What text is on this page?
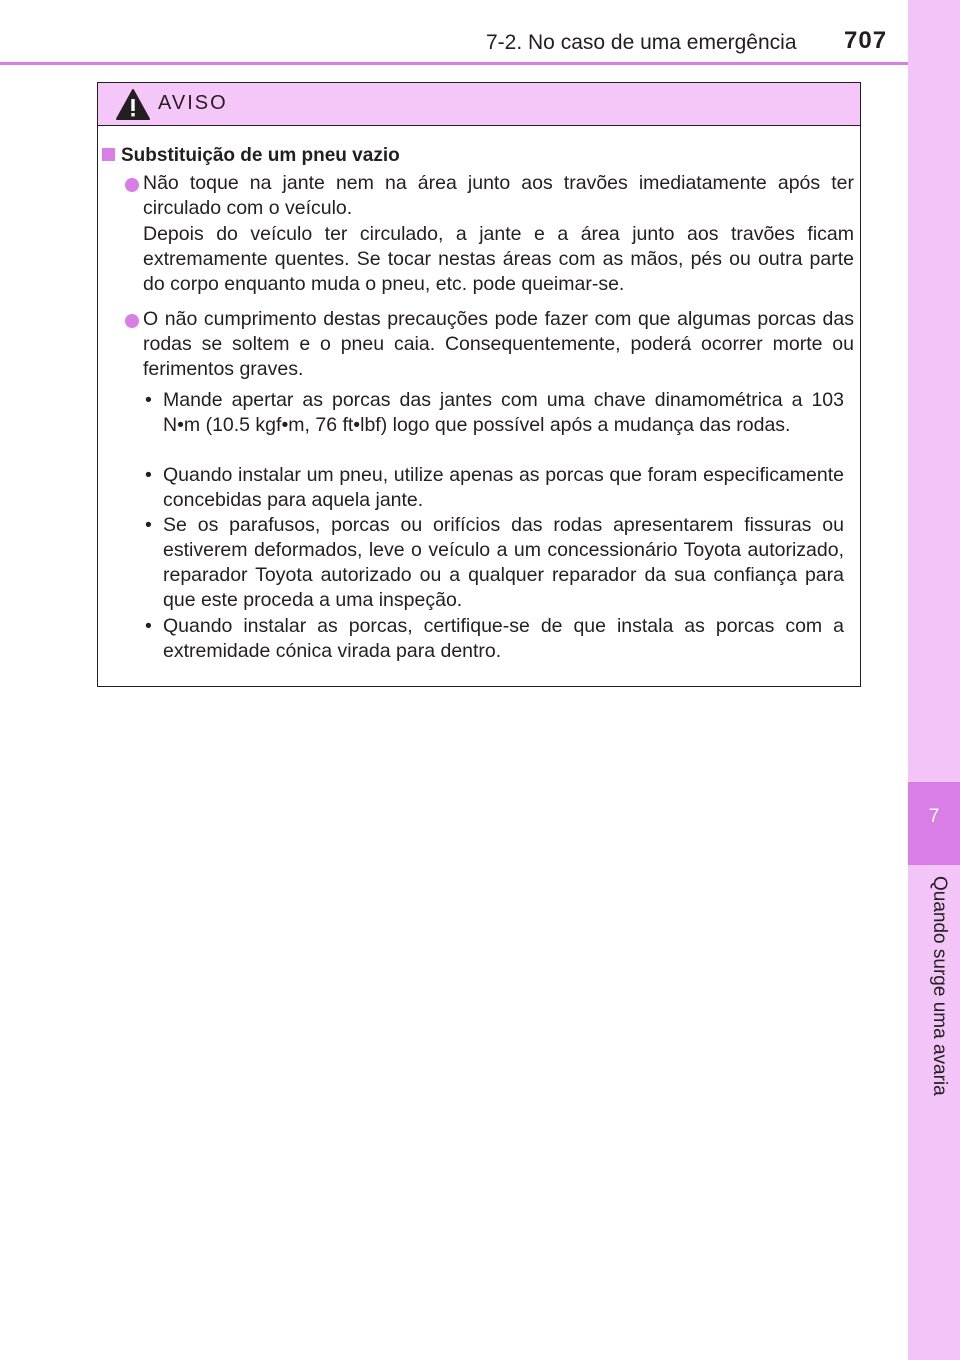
7-2. No caso de uma emergência 707
7
Quando surge uma avaria
AVISO
Substituição de um pneu vazio
Não toque na jante nem na área junto aos travões imediatamente após ter circulado com o veículo.
Depois do veículo ter circulado, a jante e a área junto aos travões ficam extremamente quentes. Se tocar nestas áreas com as mãos, pés ou outra parte do corpo enquanto muda o pneu, etc. pode queimar-se.
O não cumprimento destas precauções pode fazer com que algumas porcas das rodas se soltem e o pneu caia. Consequentemente, poderá ocorrer morte ou ferimentos graves.
• Mande apertar as porcas das jantes com uma chave dinamométrica a 103 N•m (10.5 kgf•m, 76 ft•lbf) logo que possível após a mudança das rodas.
• Quando instalar um pneu, utilize apenas as porcas que foram especificamente concebidas para aquela jante.
• Se os parafusos, porcas ou orifícios das rodas apresentarem fissuras ou estiverem deformados, leve o veículo a um concessionário Toyota autorizado, reparador Toyota autorizado ou a qualquer reparador da sua confiança para que este proceda a uma inspeção.
• Quando instalar as porcas, certifique-se de que instala as porcas com a extremidade cónica virada para dentro.
